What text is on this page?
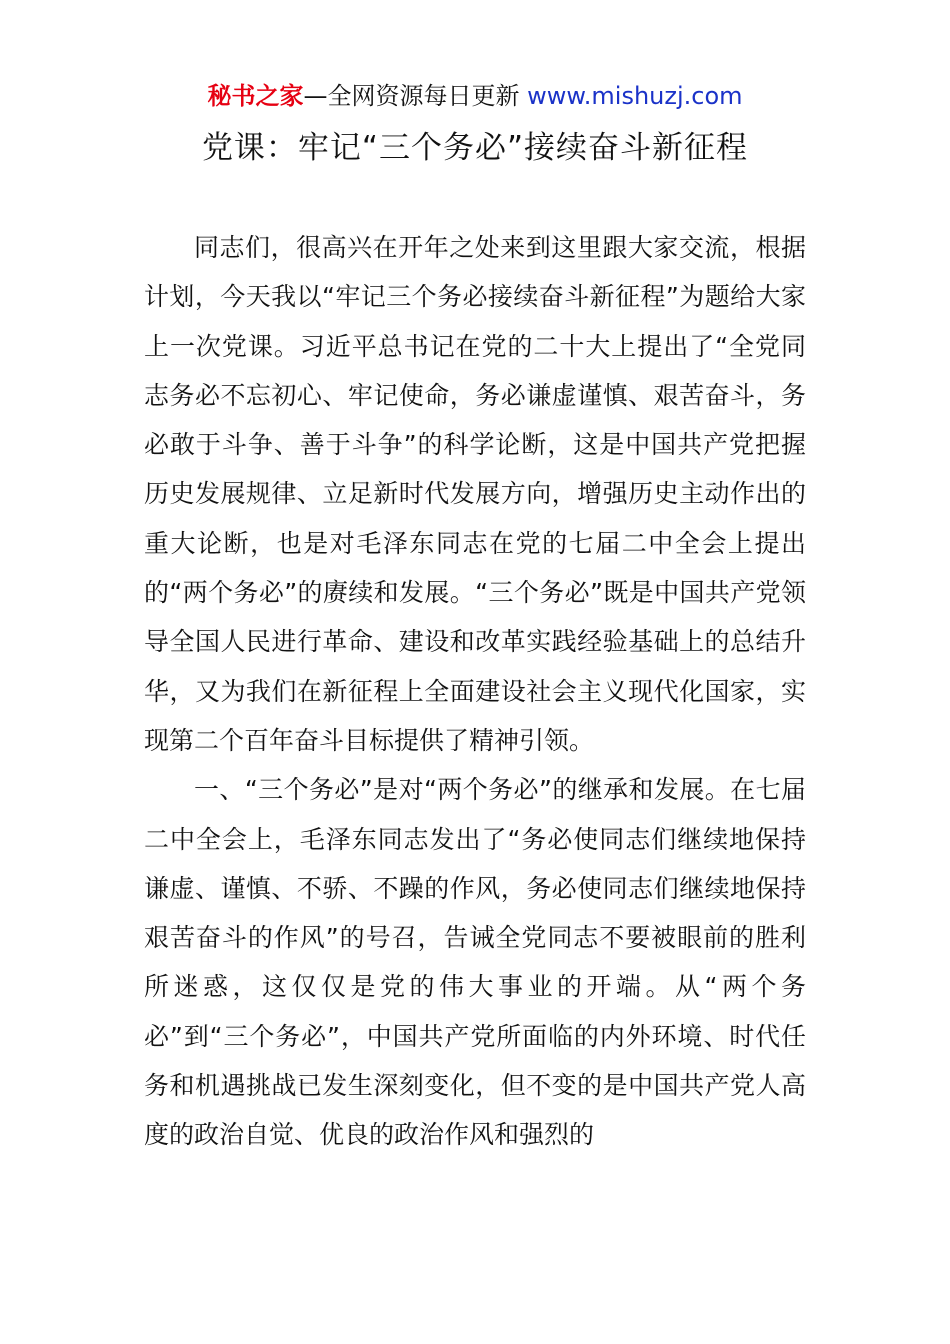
秘书之家—全网资源每日更新 www.mishuzj.com
党课：牢记“三个务必”接续奋斗新征程

同志们，很高兴在开年之处来到这里跟大家交流，根据计划，今天我以“牢记三个务必接续奋斗新征程”为题给大家上一次党课。习近平总书记在党的二十大上提出了“全党同志务必不忘初心、牢记使命，务必谦虚谨慎、艰苦奋斗，务必敢于斗争、善于斗争”的科学论断，这是中国共产党把握历史发展规律、立足新时代发展方向，增强历史主动作出的重大论断，也是对毛泽东同志在党的七届二中全会上提出的“两个务必”的赓续和发展。“三个务必”既是中国共产党领导全国人民进行革命、建设和改革实践经验基础上的总结升华，又为我们在新征程上全面建设社会主义现代化国家，实现第二个百年奋斗目标提供了精神引领。

一、“三个务必”是对“两个务必”的继承和发展。在七届二中全会上，毛泽东同志发出了“务必使同志们继续地保持谦虚、谨慎、不骄、不躁的作风，务必使同志们继续地保持艰苦奋斗的作风”的号召，告诫全党同志不要被眼前的胜利所迷惑，这仅仅是党的伟大事业的开端。从“两个务必”到“三个务必”，中国共产党所面临的内外环境、时代任务和机遇挑战已发生深刻变化，但不变的是中国共产党人高度的政治自觉、优良的政治作风和强烈的
